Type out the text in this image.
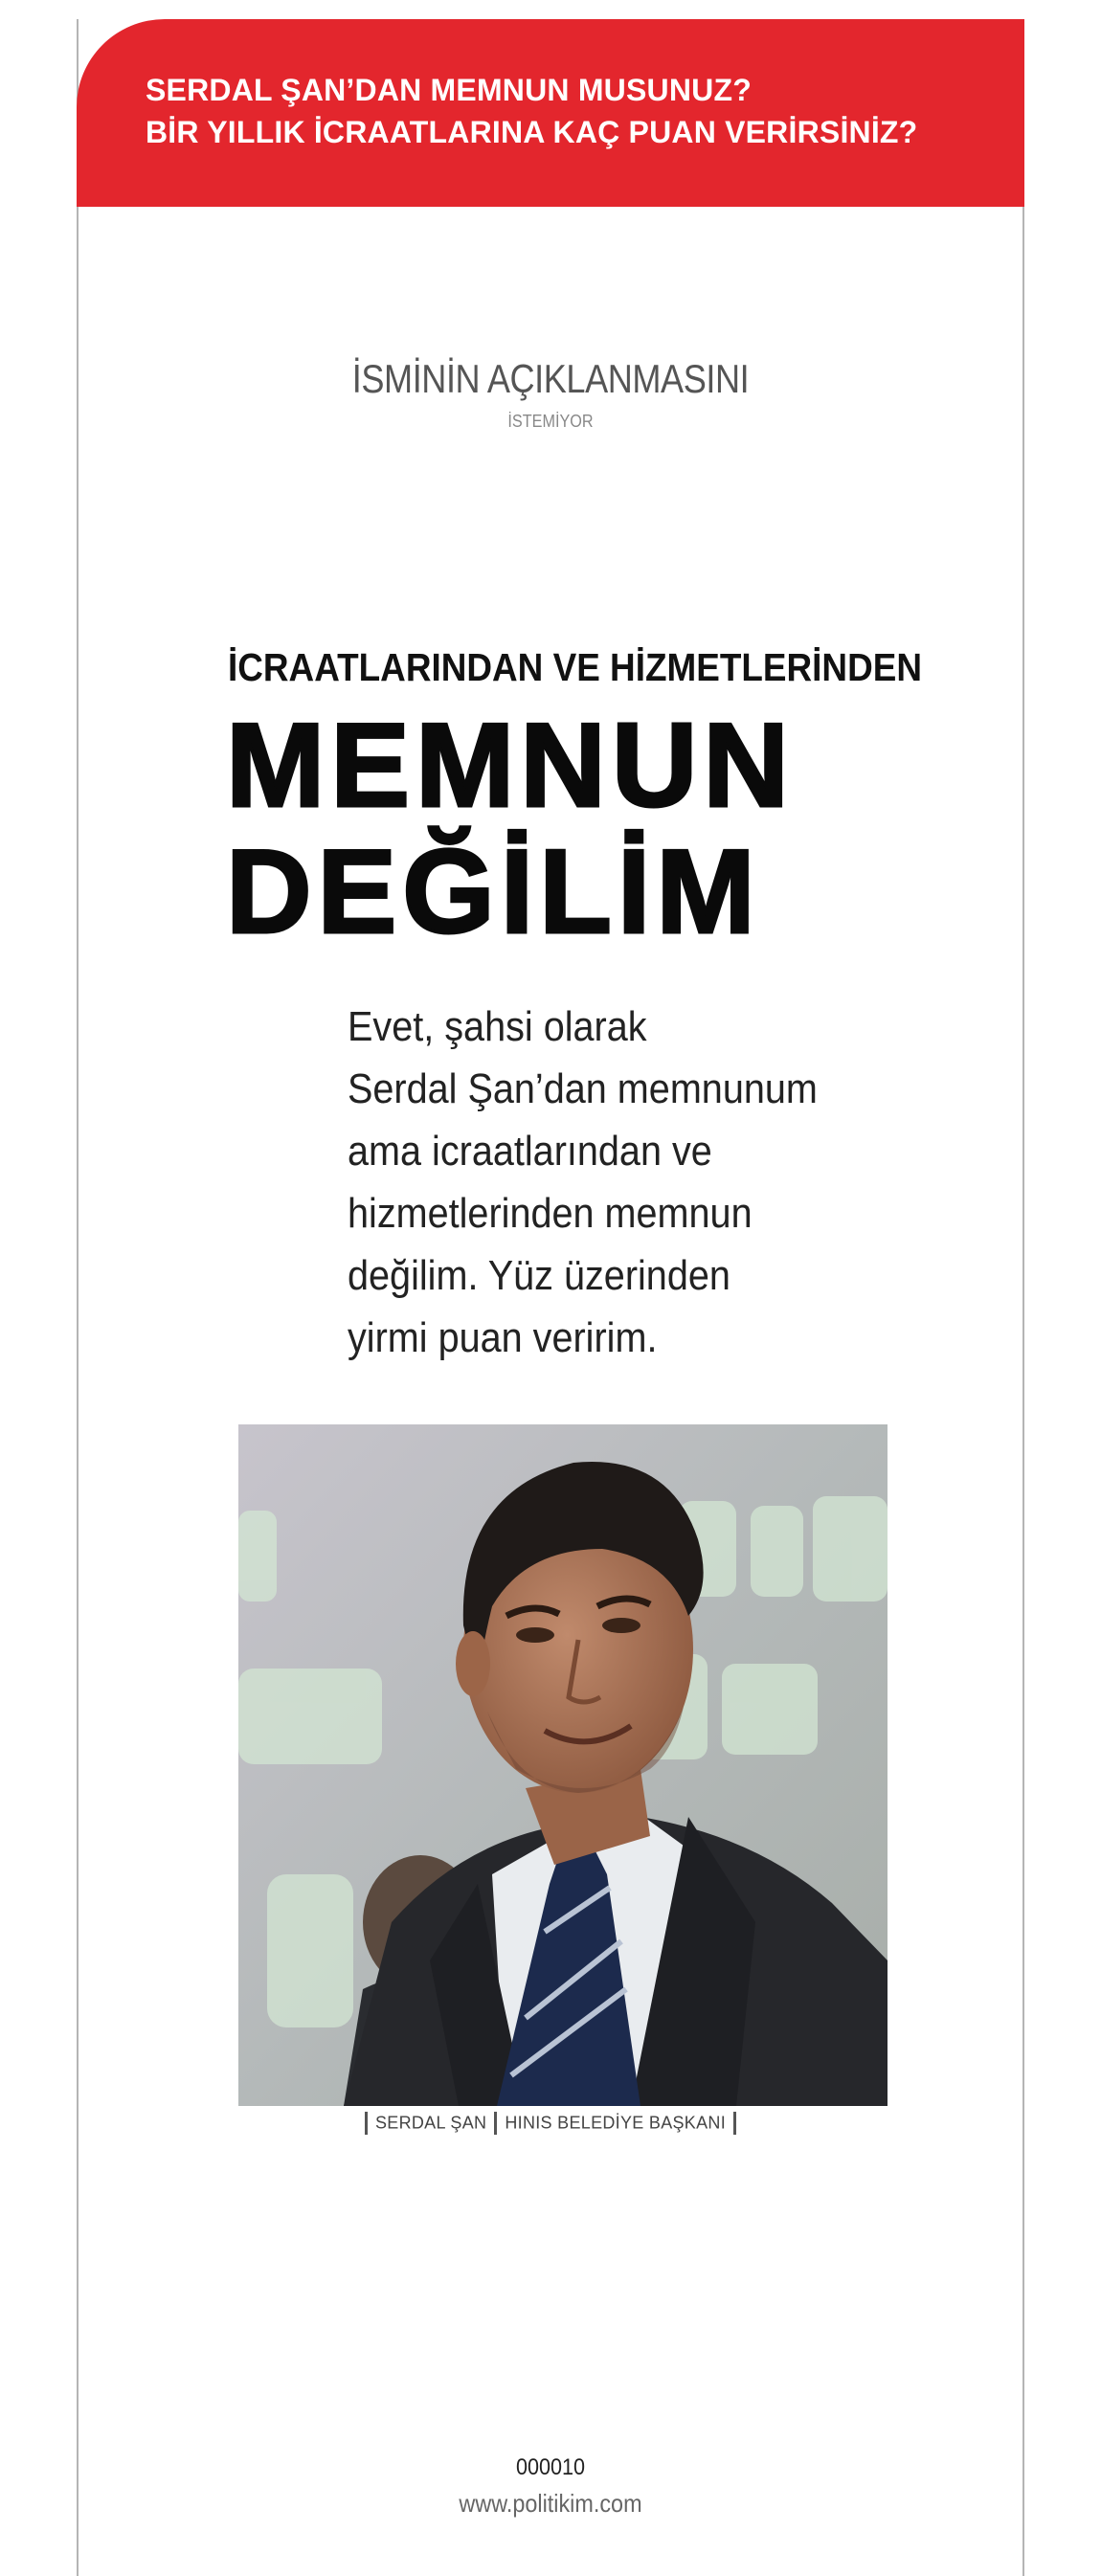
SERDAL ŞAN’DAN MEMNUN MUSUNUZ?
BİR YILLIK İCRAATLARINA KAÇ PUAN VERİRSİNİZ?
İSMİNİN AÇIKLANMASINI
İSTEMİYOR
İCRAATLARINDAN VE HİZMETLERİNDEN
MEMNUN
DEĞİLİM
Evet, şahsi olarak
Serdal Şan’dan memnunum
ama icraatlarından ve
hizmetlerinden memnun
değilim. Yüz üzerinden
yirmi puan veririm.
SERDAL ŞAN HINIS BELEDİYE BAŞKANI
000010
www.politikim.com
